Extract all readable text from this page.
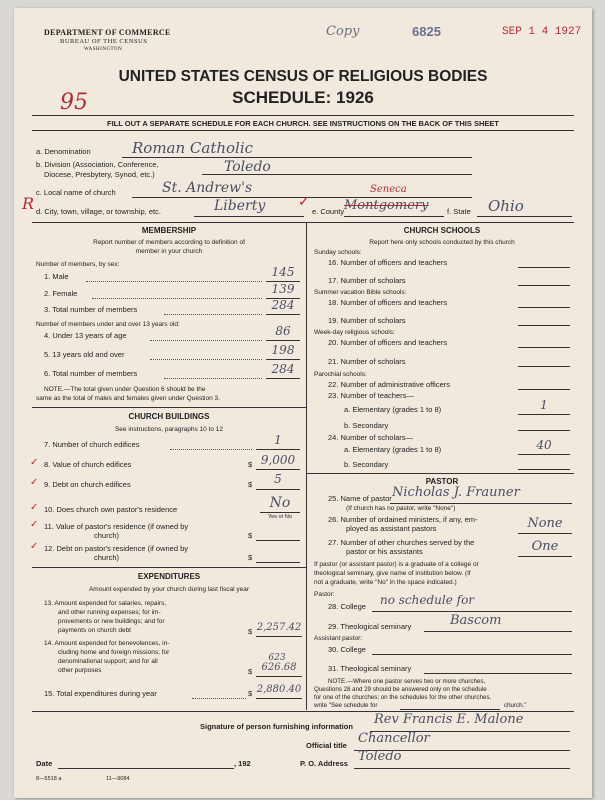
DEPARTMENT OF COMMERCE
BUREAU OF THE CENSUS
WASHINGTON
Copy	6825	SEP 1 4 1927
UNITED STATES CENSUS OF RELIGIOUS BODIES
SCHEDULE: 1926
95
R
FILL OUT A SEPARATE SCHEDULE FOR EACH CHURCH. SEE INSTRUCTIONS ON THE BACK OF THIS SHEET
a. Denomination	Roman Catholic
b. Division (Association, Conference,
Diocese, Presbytery, Synod, etc.)	Toledo
c. Local name of church	St. Andrew's
d. City, town, village, or township, etc.	Liberty ✓
e. County Montgomery
Seneca
f. State Ohio
MEMBERSHIP
Report number of members according to definition of
member in your church
Number of members, by sex:
1. Male	145
2. Female	139
3. Total number of members	284
Number of members under and over 13 years old:
4. Under 13 years of age	86
5. 13 years old and over	198
6. Total number of members	284
NOTE.—The total given under Question 6 should be the
same as the total of males and females given under Question 3.
CHURCH BUILDINGS
See instructions, paragraphs 10 to 12
7. Number of church edifices	1
8. Value of church edifices	$ 9,000
✓
9. Debt on church edifices	$	5
✓
10. Does church own pastor's residence	No
Yes or No
✓
11. Value of pastor's residence (if owned by
church)	$
✓
12. Debt on pastor's residence (if owned by
church)	$
✓
EXPENDITURES
Amount expended by your church during last fiscal year
13. Amount expended for salaries, repairs,
and other running expenses; for im-
provements or new buildings; and for
payments on church debt	$ 2,257.42
14. Amount expended for benevolences, in-
cluding home and foreign missions; for
denominational support; and for all
other purposes
623
$ 626.68
15. Total expenditures during year	$ 2,880.40
CHURCH SCHOOLS
Report here only schools conducted by this church
Sunday schools:
16. Number of officers and teachers
17. Number of scholars
Summer vacation Bible schools:
18. Number of officers and teachers
19. Number of scholars
Week-day religious schools:
20. Number of officers and teachers
21. Number of scholars
Parochial schools:
22. Number of administrative officers
23. Number of teachers—
a. Elementary (grades 1 to 8)	1
b. Secondary
24. Number of scholars—
a. Elementary (grades 1 to 8)	40
b. Secondary
PASTOR
25. Name of pastor Nicholas J. Frauner
(If church has no pastor, write "None")
26. Number of ordained ministers, if any, em-
ployed as assistant pastors	None
27. Number of other churches served by the
pastor or his assistants	One
If pastor (or assistant pastor) is a graduate of a college or
theological seminary, give name of institution below. (If
not a graduate, write "No" in the space indicated.)
Pastor:
28. College no schedule for
29. Theological seminary	Bascom
Assistant pastor:
30. College
31. Theological seminary
NOTE.—Where one pastor serves two or more churches,
Questions 28 and 29 should be answered only on the schedule
for one of the churches; on the schedules for the other churches,
write "See schedule for	church."
Signature of person furnishing information Rev Francis E. Malone
Official title Chancellor
Date	, 192	P. O. Address Toledo
8—5518 a	11—9084
